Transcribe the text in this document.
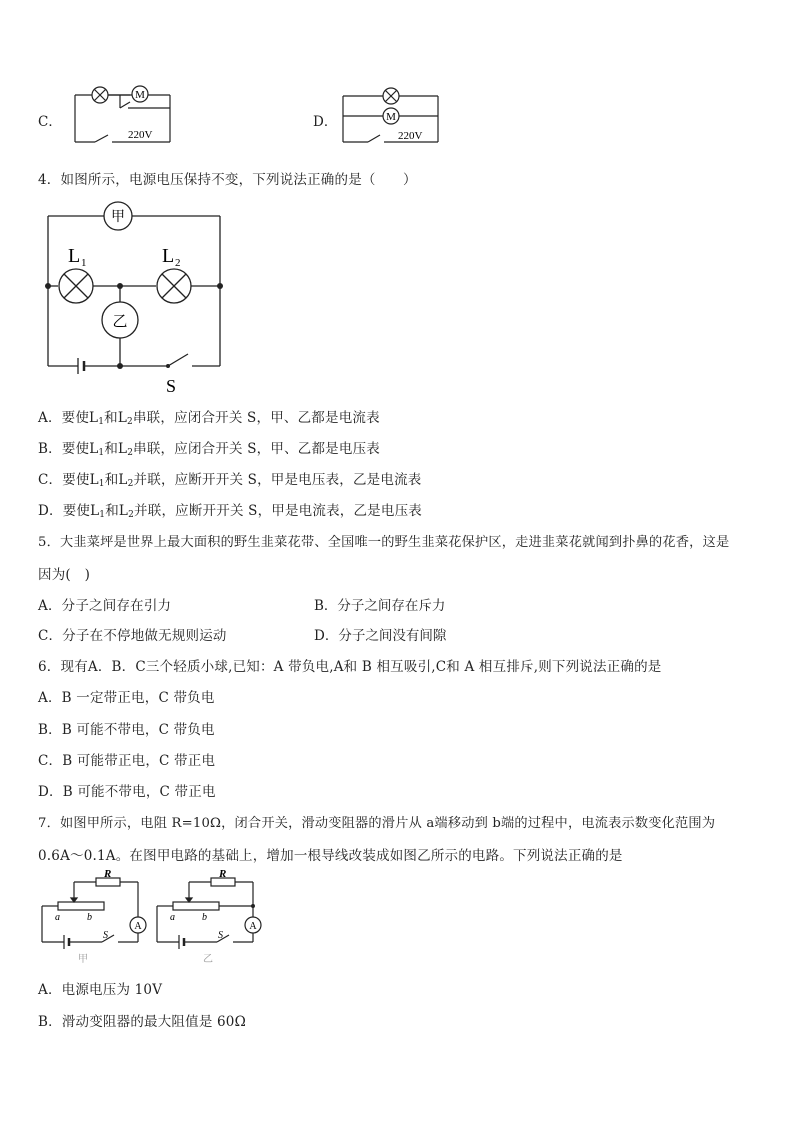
C．
M
220V
D．	M
220V
4．如图所示，电源电压保持不变，下列说法正确的是（　　）
甲
乙
L 1	L 2
S
A．要使$L_1$和$L_2$串联，应闭合开关 S，甲、乙都是电流表
B．要使$L_1$和$L_2$串联，应闭合开关 S，甲、乙都是电压表
C．要使$L_1$和$L_2$并联，应断开开关 S，甲是电压表，乙是电流表
D．要使$L_1$和$L_2$并联，应断开开关 S，甲是电流表，乙是电压表
5．大韭菜坪是世界上最大面积的野生韭菜花带、全国唯一的野生韭菜花保护区，走进韭菜花就闻到扑鼻的花香，这是
因为(　)
A．分子之间存在引力	B．分子之间存在斥力
C．分子在不停地做无规则运动	D．分子之间没有间隙
6．现有A．B．C三个轻质小球,已知：A 带负电,A和 B 相互吸引,C和 A 相互排斥,则下列说法正确的是
A．B 一定带正电，C 带负电
B．B 可能不带电，C 带负电
C．B 可能带正电，C 带正电
D．B 可能不带电，C 带正电
7．如图甲所示，电阻 R=10Ω，闭合开关，滑动变阻器的滑片从 a端移动到 b端的过程中，电流表示数变化范围为
0.6A～0.1A。在图甲电路的基础上，增加一根导线改装成如图乙所示的电路。下列说法正确的是
R
a	b
A
S
甲
R
a	b
A
S
乙
A．电源电压为 10V
B．滑动变阻器的最大阻值是 60Ω
